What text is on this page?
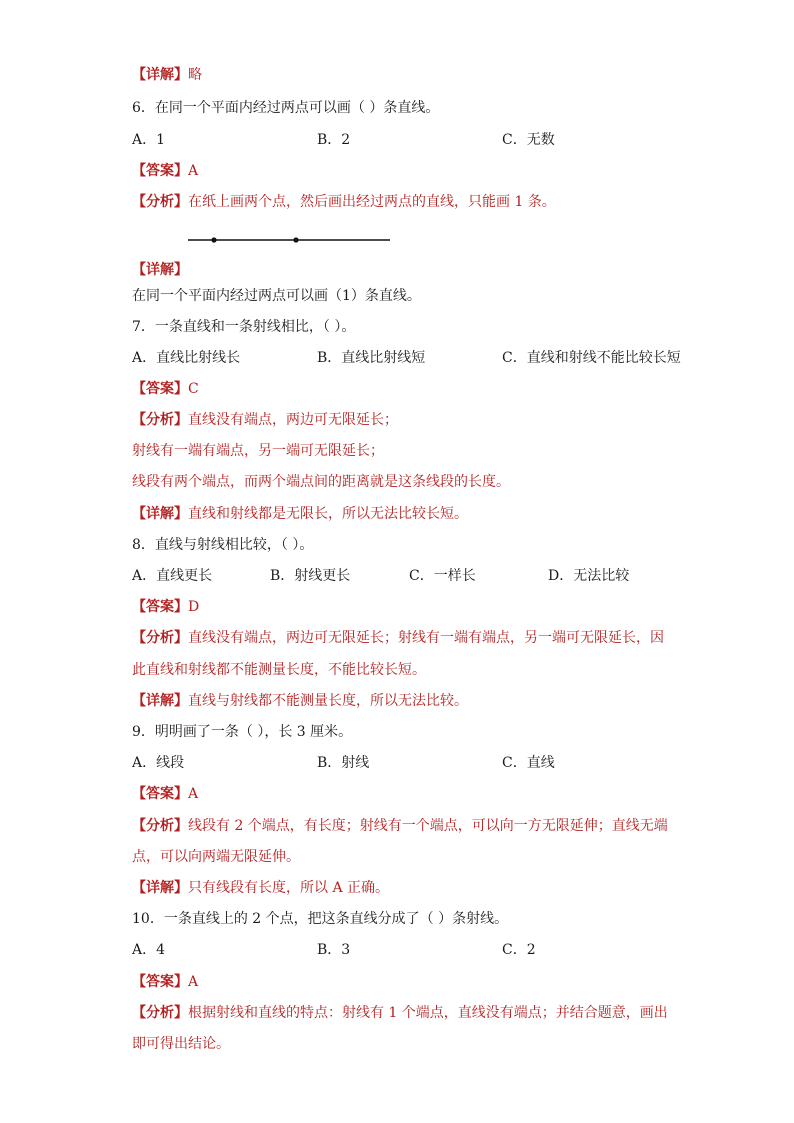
【详解】略
6．在同一个平面内经过两点可以画（ ）条直线。
A．1	B．2	C．无数
【答案】A
【分析】在纸上画两个点，然后画出经过两点的直线，只能画 1 条。
【详解】
在同一个平面内经过两点可以画（1）条直线。
7．一条直线和一条射线相比，（ ）。
A．直线比射线长	B．直线比射线短	C．直线和射线不能比较长短
【答案】C
【分析】直线没有端点，两边可无限延长；
射线有一端有端点，另一端可无限延长；
线段有两个端点，而两个端点间的距离就是这条线段的长度。
【详解】直线和射线都是无限长，所以无法比较长短。
8．直线与射线相比较，（ ）。
A．直线更长	B．射线更长	C．一样长	D．无法比较
【答案】D
【分析】直线没有端点，两边可无限延长；射线有一端有端点，另一端可无限延长，因
此直线和射线都不能测量长度，不能比较长短。
【详解】直线与射线都不能测量长度，所以无法比较。
9．明明画了一条（ ），长 3 厘米。
A．线段	B．射线	C．直线
【答案】A
【分析】线段有 2 个端点，有长度；射线有一个端点，可以向一方无限延伸；直线无端
点，可以向两端无限延伸。
【详解】只有线段有长度，所以 A 正确。
10．一条直线上的 2 个点，把这条直线分成了（ ）条射线。
A．4	B．3	C．2
【答案】A
【分析】根据射线和直线的特点：射线有 1 个端点，直线没有端点；并结合题意，画出
即可得出结论。
